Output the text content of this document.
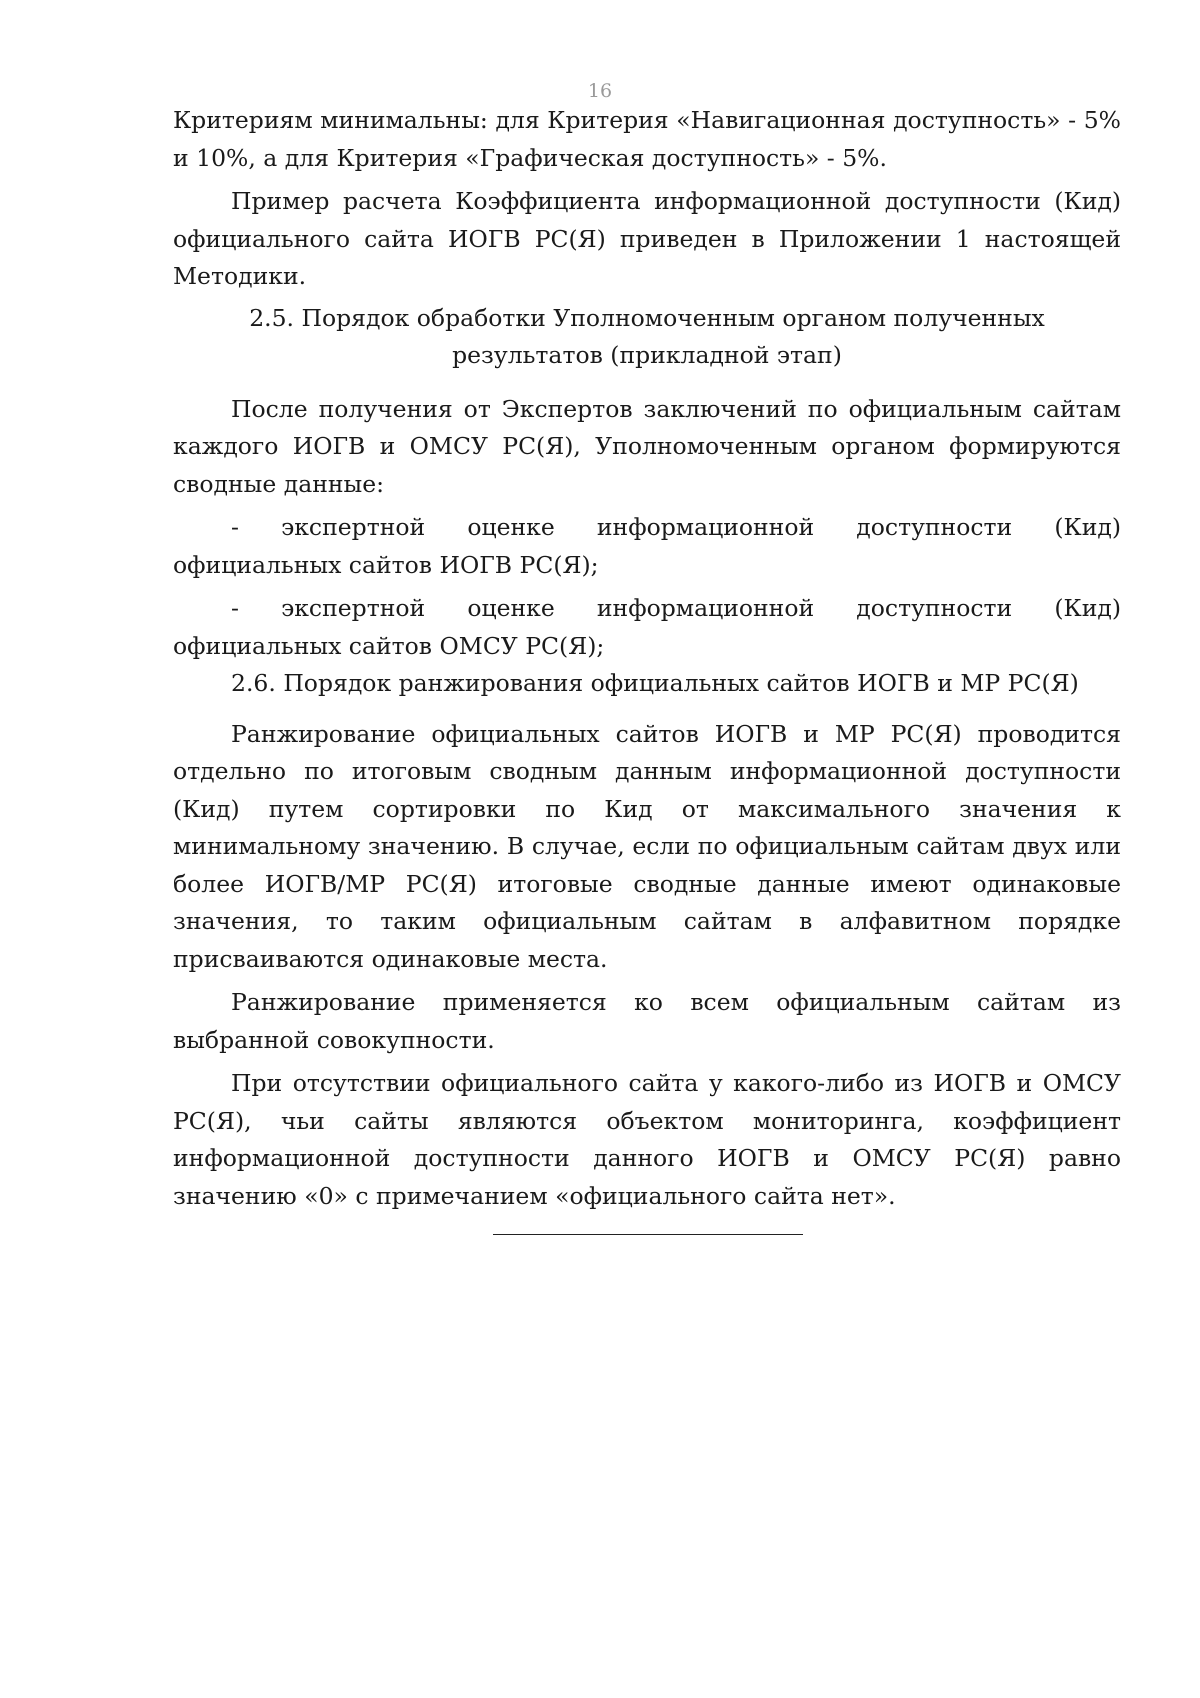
16

Критериям минимальны: для Критерия «Навигационная доступность» - 5% и 10%, а для Критерия «Графическая доступность» - 5%.

Пример расчета Коэффициента информационной доступности (Кид) официального сайта ИОГВ РС(Я) приведен в Приложении 1 настоящей Методики.

2.5. Порядок обработки Уполномоченным органом полученных
результатов (прикладной этап)

После получения от Экспертов заключений по официальным сайтам каждого ИОГВ и ОМСУ РС(Я), Уполномоченным органом формируются сводные данные:

- экспертной оценке информационной доступности (Кид) официальных сайтов ИОГВ РС(Я);

- экспертной оценке информационной доступности (Кид) официальных сайтов ОМСУ РС(Я);

2.6. Порядок ранжирования официальных сайтов ИОГВ и МР РС(Я)

Ранжирование официальных сайтов ИОГВ и МР РС(Я) проводится отдельно по итоговым сводным данным информационной доступности (Кид) путем сортировки по Кид от максимального значения к минимальному значению. В случае, если по официальным сайтам двух или более ИОГВ/МР РС(Я) итоговые сводные данные имеют одинаковые значения, то таким официальным сайтам в алфавитном порядке присваиваются одинаковые места.

Ранжирование применяется ко всем официальным сайтам из выбранной совокупности.

При отсутствии официального сайта у какого-либо из ИОГВ и ОМСУ РС(Я), чьи сайты являются объектом мониторинга, коэффициент информационной доступности данного ИОГВ и ОМСУ РС(Я) равно значению «0» с примечанием «официального сайта нет».
